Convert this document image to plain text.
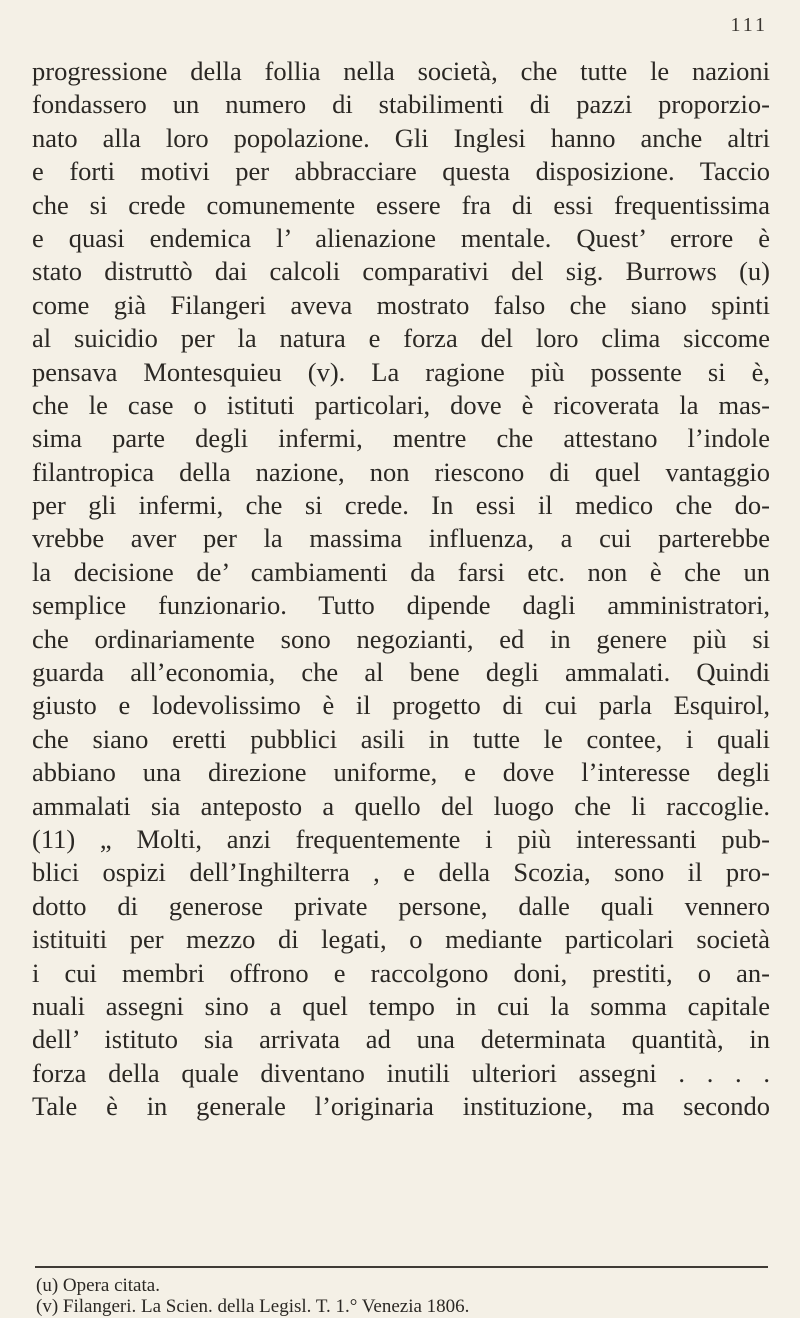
111
progressione della follia nella società, che tutte le nazioni
fondassero un numero di stabilimenti di pazzi proporzio-
nato alla loro popolazione. Gli Inglesi hanno anche altri
e forti motivi per abbracciare questa disposizione. Taccio
che si crede comunemente essere fra di essi frequentissima
e quasi endemica l’ alienazione mentale. Quest’ errore è
stato distruttò dai calcoli comparativi del sig. Burrows (u)
come già Filangeri aveva mostrato falso che siano spinti
al suicidio per la natura e forza del loro clima siccome
pensava Montesquieu (v). La ragione più possente si è,
che le case o istituti particolari, dove è ricoverata la mas-
sima parte degli infermi, mentre che attestano l’indole
filantropica della nazione, non riescono di quel vantaggio
per gli infermi, che si crede. In essi il medico che do-
vrebbe aver per la massima influenza, a cui parterebbe
la decisione de’ cambiamenti da farsi etc. non è che un
semplice funzionario. Tutto dipende dagli amministratori,
che ordinariamente sono negozianti, ed in genere più si
guarda all’economia, che al bene degli ammalati. Quindi
giusto e lodevolissimo è il progetto di cui parla Esquirol,
che siano eretti pubblici asili in tutte le contee, i quali
abbiano una direzione uniforme, e dove l’interesse degli
ammalati sia anteposto a quello del luogo che li raccoglie.
(11) „ Molti, anzi frequentemente i più interessanti pub-
blici ospizi dell’Inghilterra , e della Scozia, sono il pro-
dotto di generose private persone, dalle quali vennero
istituiti per mezzo di legati, o mediante particolari società
i cui membri offrono e raccolgono doni, prestiti, o an-
nuali assegni sino a quel tempo in cui la somma capitale
dell’ istituto sia arrivata ad una determinata quantità, in
forza della quale diventano inutili ulteriori assegni . . . .
Tale è in generale l’originaria instituzione, ma secondo
(u) Opera citata.
(v) Filangeri. La Scien. della Legisl. T. 1.° Venezia 1806.
